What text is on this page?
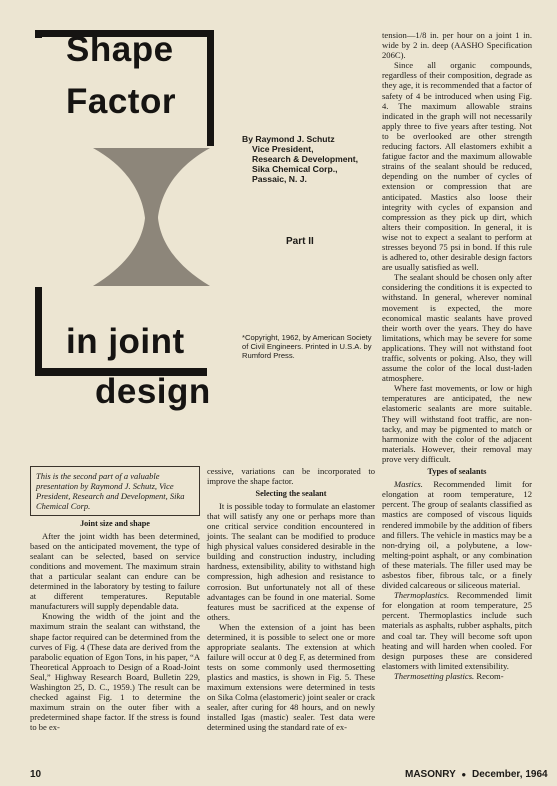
Shape
Factor
in joint
design
By Raymond J. Schutz
Vice President,
Research & Development,
Sika Chemical Corp.,
Passaic, N. J.
Part II
*Copyright, 1962, by American Society of Civil Engineers. Printed in U.S.A. by Rumford Press.
This is the second part of a valuable presentation by Raymond J. Schutz, Vice President, Research and Development, Sika Chemical Corp.
Joint size and shape

After the joint width has been determined, based on the anticipated movement, the type of sealant can be selected, based on service conditions and movement. The maximum strain that a particular sealant can endure can be determined in the laboratory by testing to failure at different temperatures. Reputable manufacturers will supply dependable data.

Knowing the width of the joint and the maximum strain the sealant can withstand, the shape factor required can be determined from the curves of Fig. 4 (These data are derived from the parabolic equation of Egon Tons, in his paper, “A Theoretical Approach to Design of a Road-Joint Seal,” Highway Research Board, Bulletin 229, Washington 25, D. C., 1959.) The result can be checked against Fig. 1 to determine the maximum strain on the outer fiber with a predetermined shape factor. If the stress is found to be ex-

cessive, variations can be incorporated to improve the shape factor.

Selecting the sealant

It is possible today to formulate an elastomer that will satisfy any one or perhaps more than one critical service condition encountered in joints. The sealant can be modified to produce high physical values considered desirable in the building and construction industry, including hardness, extensibility, ability to withstand high compression, high adhesion and resistance to corrosion. But unfortunately not all of these advantages can be found in one material. Some features must be sacrificed at the expense of others.

When the extension of a joint has been determined, it is possible to select one or more appropriate sealants. The extension at which failure will occur at 0 deg F, as determined from tests on some commonly used thermosetting plastics and mastics, is shown in Fig. 5. These maximum extensions were determined in tests on Sika Colma (elastomeric) joint sealer or crack sealer, after curing for 48 hours, and on newly installed Igas (mastic) sealer. Test data were determined using the standard rate of ex-

tension—1/8 in. per hour on a joint 1 in. wide by 2 in. deep (AASHO Specification 206C).

Since all organic compounds, regardless of their composition, degrade as they age, it is recommended that a factor of safety of 4 be introduced when using Fig. 4. The maximum allowable strains indicated in the graph will not necessarily apply three to five years after testing. Not to be overlooked are other strength reducing factors. All elastomers exhibit a fatigue factor and the maximum allowable strains of the sealant should be reduced, depending on the number of cycles of extension or compression that are anticipated. Mastics also loose their integrity with cycles of expansion and compression as they pick up dirt, which alters their composition. In general, it is wise not to expect a sealant to perform at stresses beyond 75 psi in bond. If this rule is adhered to, other desirable design factors are usually satisfied as well.

The sealant should be chosen only after considering the conditions it is expected to withstand. In general, wherever nominal movement is expected, the more economical mastic sealants have proved their worth over the years. They do have limitations, which may be severe for some applications. They will not withstand foot traffic, solvents or poking. Also, they will assume the color of the local dust-laden atmosphere.

Where fast movements, or low or high temperatures are anticipated, the new elastomeric sealants are more suitable. They will withstand foot traffic, are non-tacky, and may be pigmented to match or harmonize with the color of the adjacent materials. However, their removal may prove very difficult.

Types of sealants

Mastics. Recommended limit for elongation at room temperature, 12 percent. The group of sealants classified as mastics are composed of viscous liquids rendered immobile by the addition of fibers and fillers. The vehicle in mastics may be a non-drying oil, a polybutene, a low-melting-point asphalt, or any combination of these materials. The filler used may be asbestos fiber, fibrous talc, or a finely divided calcareous or siliceous material.

Thermoplastics. Recommended limit for elongation at room temperature, 25 percent. Thermoplastics include such materials as asphalts, rubber asphalts, pitch and coal tar. They will become soft upon heating and will harden when cooled. For design purposes these are considered elastomers with limited extensibility.

Thermosetting plastics. Recom-

10	MASONRY ● December, 1964
